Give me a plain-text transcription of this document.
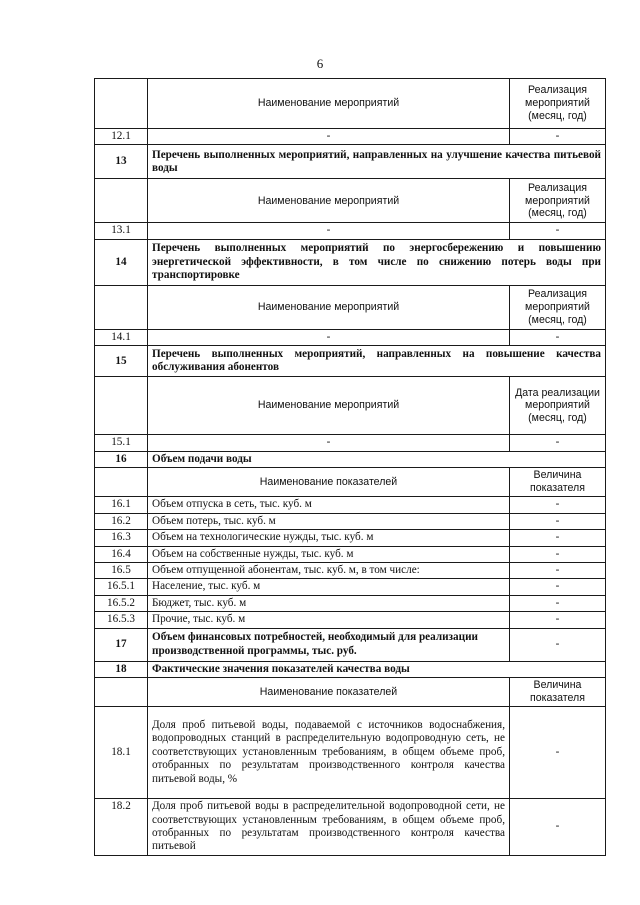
6
	Наименование мероприятий	Реализация мероприятий (месяц, год)
12.1	-	-
13	Перечень выполненных мероприятий, направленных на улучшение качества питьевой воды	
	Наименование мероприятий	Реализация мероприятий (месяц, год)
13.1	-	-
14	Перечень выполненных мероприятий по энергосбережению и повышению энергетической эффективности, в том числе по снижению потерь воды при транспортировке	
	Наименование мероприятий	Реализация мероприятий (месяц, год)
14.1	-	-
15	Перечень выполненных мероприятий, направленных на повышение качества обслуживания абонентов	
	Наименование мероприятий	Дата реализации мероприятий (месяц, год)
15.1	-	-
16	Объем подачи воды	
	Наименование показателей	Величина показателя
16.1	Объем отпуска в сеть, тыс. куб. м	-
16.2	Объем потерь, тыс. куб. м	-
16.3	Объем на технологические нужды, тыс. куб. м	-
16.4	Объем на собственные нужды, тыс. куб. м	-
16.5	Объем отпущенной абонентам, тыс. куб. м, в том числе:	-
16.5.1	Население, тыс. куб. м	-
16.5.2	Бюджет, тыс. куб. м	-
16.5.3	Прочие, тыс. куб. м	-
17	Объем финансовых потребностей, необходимый для реализации производственной программы, тыс. руб.	-
18	Фактические значения показателей качества воды	
	Наименование показателей	Величина показателя
18.1	Доля проб питьевой воды, подаваемой с источников водоснабжения, водопроводных станций в распределительную водопроводную сеть, не соответствующих установленным требованиям, в общем объеме проб, отобранных по результатам производственного контроля качества питьевой воды, %	-
18.2	Доля проб питьевой воды в распределительной водопроводной сети, не соответствующих установленным требованиям, в общем объеме проб, отобранных по результатам производственного контроля качества питьевой	-
